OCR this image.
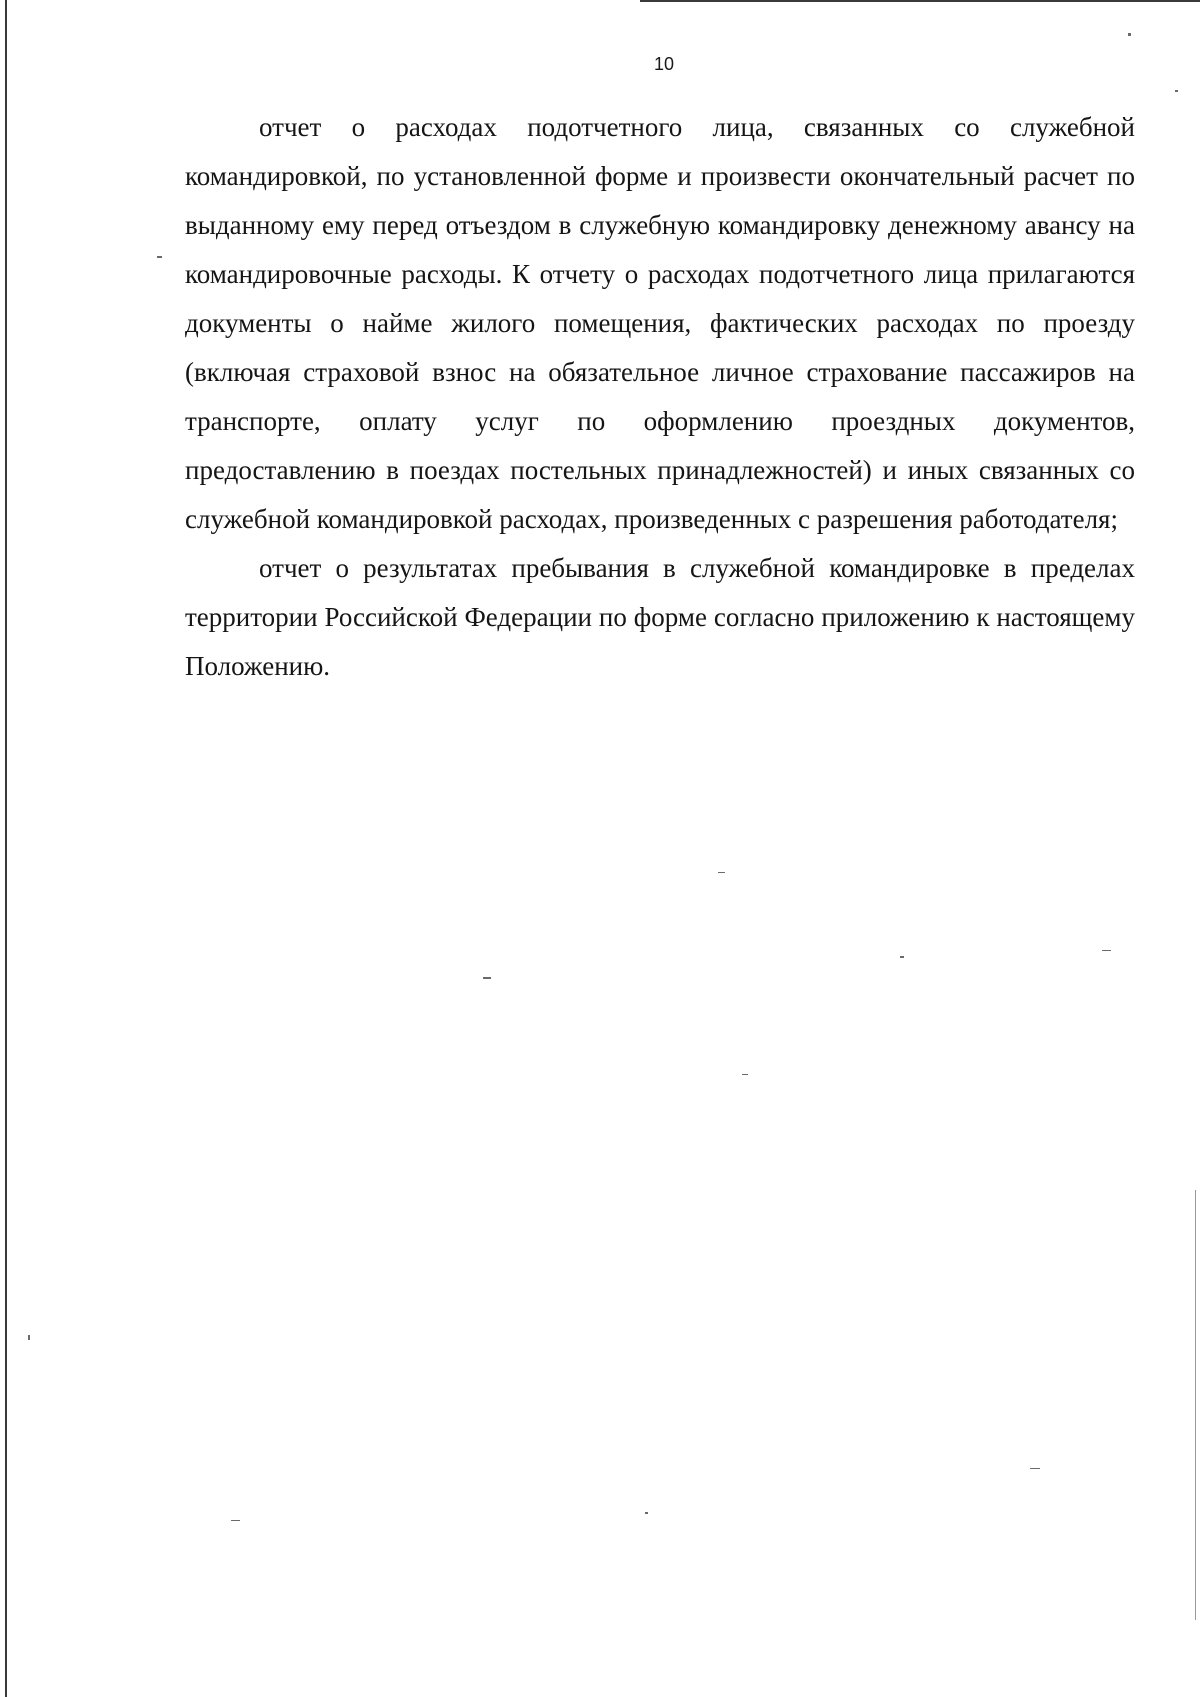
10

отчет о расходах подотчетного лица, связанных со служебной командировкой, по установленной форме и произвести окончательный расчет по выданному ему перед отъездом в служебную командировку денежному авансу на командировочные расходы. К отчету о расходах подотчетного лица прилагаются документы о найме жилого помещения, фактических расходах по проезду (включая страховой взнос на обязательное личное страхование пассажиров на транспорте, оплату услуг по оформлению проездных документов, предоставлению в поездах постельных принадлежностей) и иных связанных со служебной командировкой расходах, произведенных с разрешения работодателя;

отчет о результатах пребывания в служебной командировке в пределах территории Российской Федерации по форме согласно приложению к настоящему Положению.
